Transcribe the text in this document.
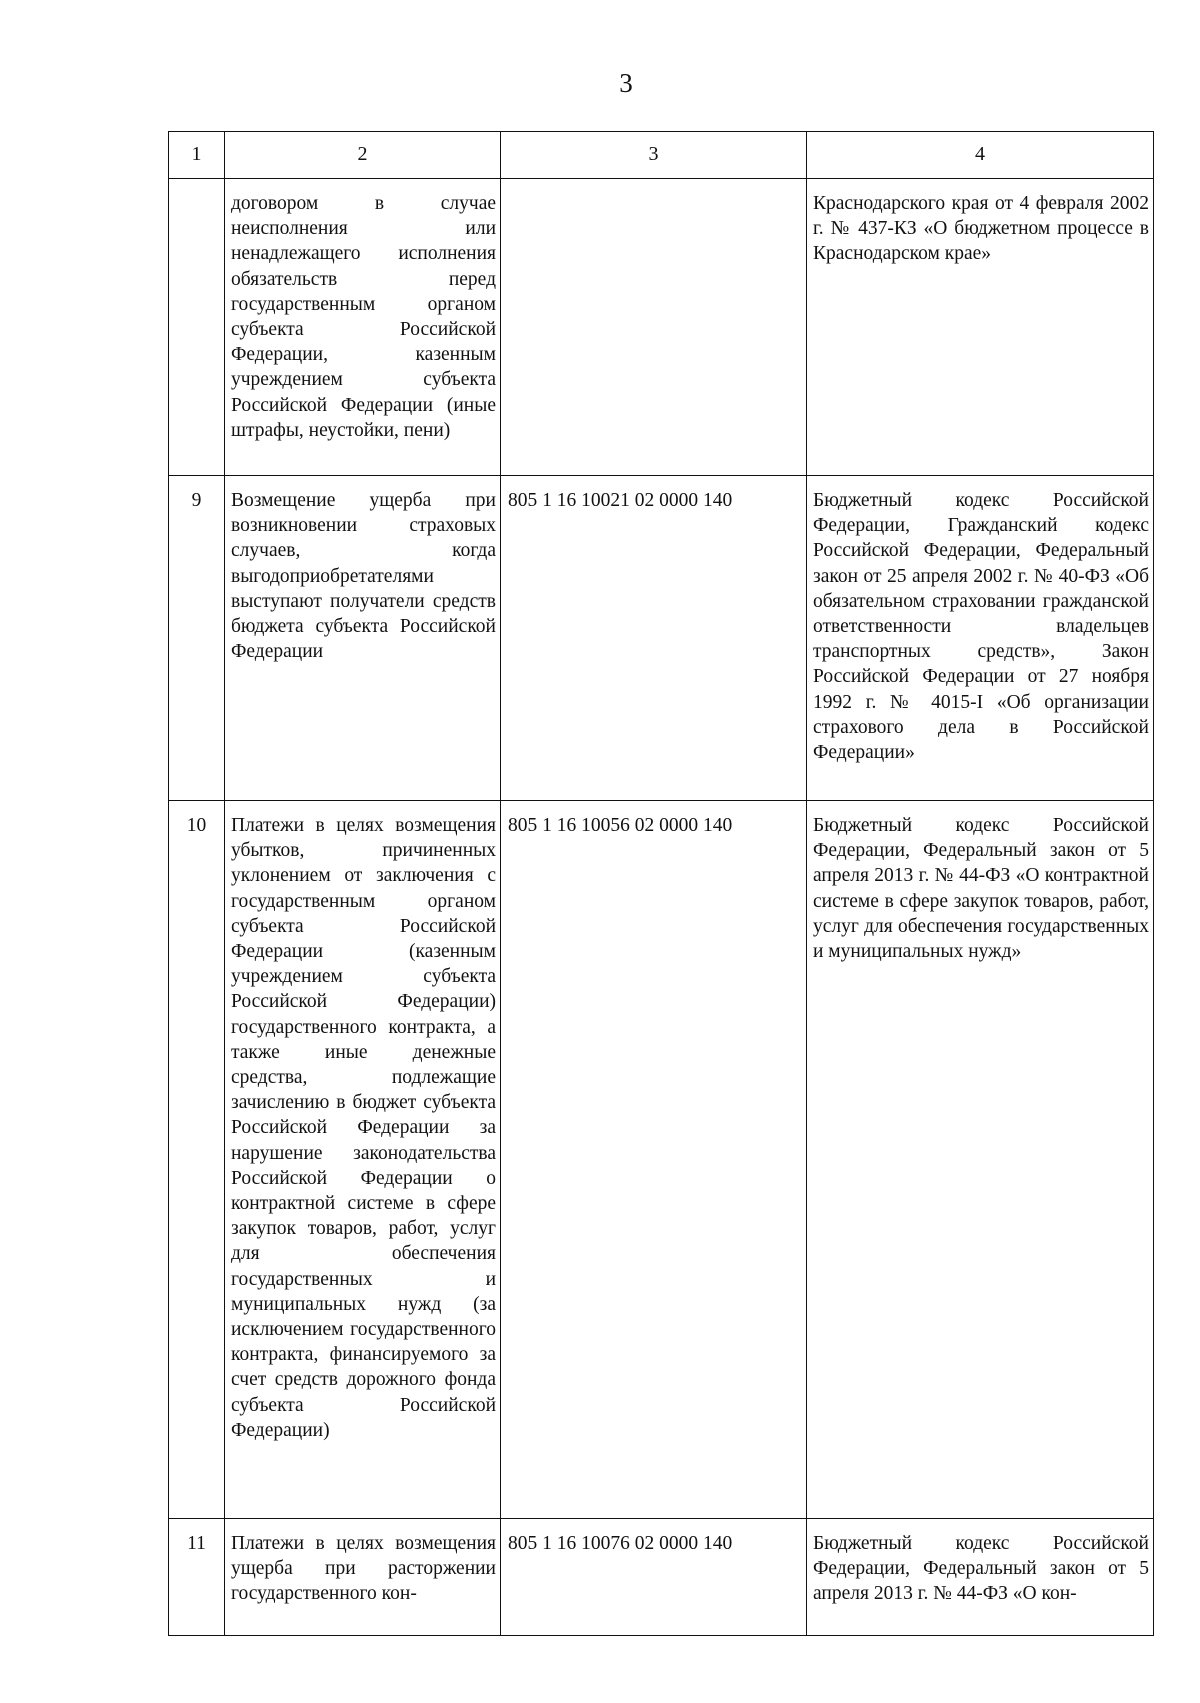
3
1	2	3	4
	договором в случае неисполнения или ненадлежащего исполнения обязательств перед государственным органом субъекта Российской Федерации, казенным учреждением субъекта Российской Федерации (иные штрафы, неустойки, пени)		Краснодарского края от 4 февраля 2002 г. № 437-КЗ «О бюджетном процессе в Краснодарском крае»
9	Возмещение ущерба при возникновении страховых случаев, когда выгодоприобретателями выступают получатели средств бюджета субъекта Российской Федерации	805 1 16 10021 02 0000 140	Бюджетный кодекс Российской Федерации, Гражданский кодекс Российской Федерации, Федеральный закон от 25 апреля 2002 г. № 40-ФЗ «Об обязательном страховании гражданской ответственности владельцев транспортных средств», Закон Российской Федерации от 27 ноября 1992 г. № 4015-I «Об организации страхового дела в Российской Федерации»
10	Платежи в целях возмещения убытков, причиненных уклонением от заключения с государственным органом субъекта Российской Федерации (казенным учреждением субъекта Российской Федерации) государственного контракта, а также иные денежные средства, подлежащие зачислению в бюджет субъекта Российской Федерации за нарушение законодательства Российской Федерации о контрактной системе в сфере закупок товаров, работ, услуг для обеспечения государственных и муниципальных нужд (за исключением государственного контракта, финансируемого за счет средств дорожного фонда субъекта Российской Федерации)	805 1 16 10056 02 0000 140	Бюджетный кодекс Российской Федерации, Федеральный закон от 5 апреля 2013 г. № 44-ФЗ «О контрактной системе в сфере закупок товаров, работ, услуг для обеспечения государственных и муниципальных нужд»
11	Платежи в целях возмещения ущерба при расторжении государственного кон-	805 1 16 10076 02 0000 140	Бюджетный кодекс Российской Федерации, Федеральный закон от 5 апреля 2013 г. № 44-ФЗ «О кон-
